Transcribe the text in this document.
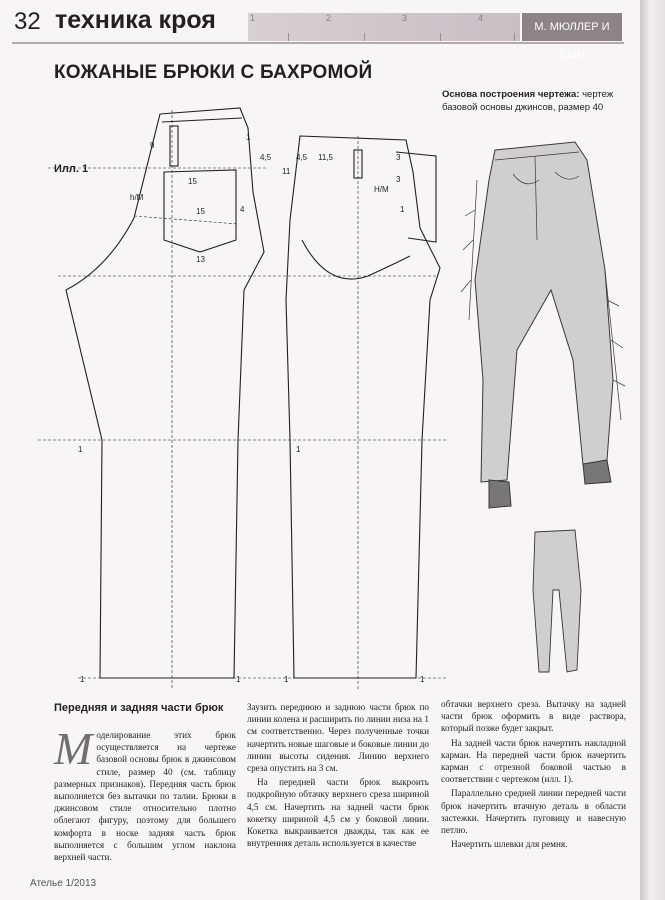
32 техника кроя	1	2	3	4
М. МЮЛЛЕР И СЫН
КОЖАНЫЕ БРЮКИ С БАХРОМОЙ
Илл. 1
Основа построения чертежа: чертеж базовой основы джинсов, размер 40
9
15
15
h/М
4
13
1
4,5	11,5	3
3
11
4,5
Н/М
1
1	1
1	1	1	1
Передняя и задняя части брюк

Моделирование этих брюк осуществляется на чертеже базовой основы брюк в джинсовом стиле, размер 40 (см. таблицу размерных признаков). Передняя часть брюк выполняется без вытачки по талии. Брюки в джинсовом стиле относительно плотно облегают фигуру, поэтому для большего комфорта в носке задняя часть брюк выполняется с большим углом наклона верхней части.

Заузить переднюю и заднюю части брюк по линии колена и расширить по линии низа на 1 см соответственно. Через полученные точки начертить новые шаговые и боковые линии до линии высоты сидения. Линию верхнего среза опустить на 3 см.

На передней части брюк выкроить подкройную обтачку верхнего среза шириной 4,5 см. Начертить на задней части брюк кокетку шириной 4,5 см у боковой линии. Кокетка выкраивается дважды, так как ее внутренняя деталь используется в качестве

обтачки верхнего среза. Вытачку на задней части брюк оформить в виде раствора, который позже будет закрыт.

На задней части брюк начертить накладной карман. На передней части брюк начертить карман с отрезной боковой частью в соответствии с чертежом (илл. 1).

Параллельно средней линии передней части брюк начертить втачную деталь в области застежки. Начертить пуговицу и навесную петлю.

Начертить шлевки для ремня.

Ателье 1/2013
